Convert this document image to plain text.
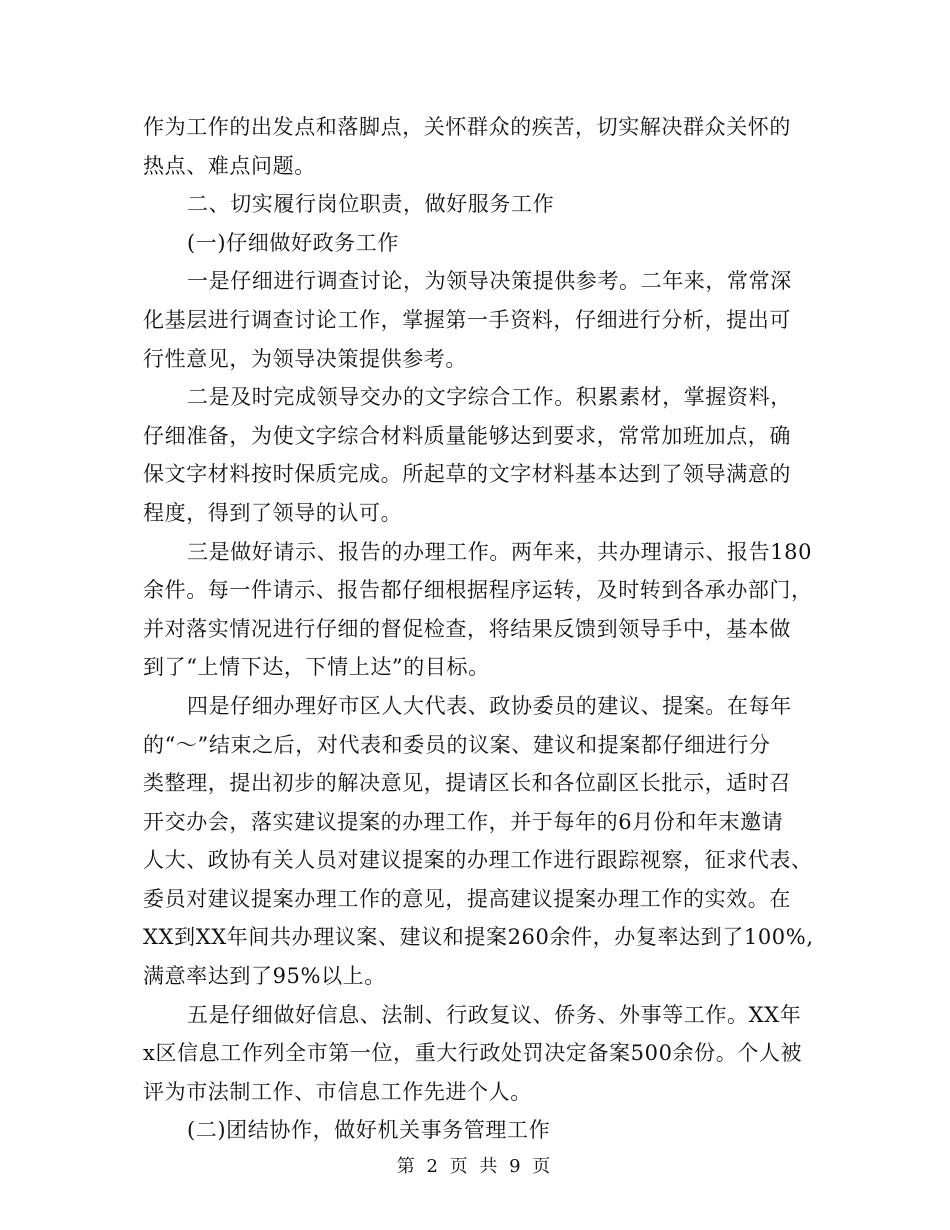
作为工作的出发点和落脚点，关怀群众的疾苦，切实解决群众关怀的
热点、难点问题。
二、切实履行岗位职责，做好服务工作
(一)仔细做好政务工作
一是仔细进行调查讨论，为领导决策提供参考。二年来，常常深
化基层进行调查讨论工作，掌握第一手资料，仔细进行分析，提出可
行性意见，为领导决策提供参考。
二是及时完成领导交办的文字综合工作。积累素材，掌握资料，
仔细准备，为使文字综合材料质量能够达到要求，常常加班加点，确
保文字材料按时保质完成。所起草的文字材料基本达到了领导满意的
程度，得到了领导的认可。
三是做好请示、报告的办理工作。两年来，共办理请示、报告180
余件。每一件请示、报告都仔细根据程序运转，及时转到各承办部门，
并对落实情况进行仔细的督促检查，将结果反馈到领导手中，基本做
到了“上情下达，下情上达”的目标。
四是仔细办理好市区人大代表、政协委员的建议、提案。在每年
的“～”结束之后，对代表和委员的议案、建议和提案都仔细进行分
类整理，提出初步的解决意见，提请区长和各位副区长批示，适时召
开交办会，落实建议提案的办理工作，并于每年的6月份和年末邀请
人大、政协有关人员对建议提案的办理工作进行跟踪视察，征求代表、
委员对建议提案办理工作的意见，提高建议提案办理工作的实效。在
XX到XX年间共办理议案、建议和提案260余件，办复率达到了100%,
满意率达到了95%以上。
五是仔细做好信息、法制、行政复议、侨务、外事等工作。XX年
x区信息工作列全市第一位，重大行政处罚决定备案500余份。个人被
评为市法制工作、市信息工作先进个人。
(二)团结协作，做好机关事务管理工作
第 2 页 共 9 页
